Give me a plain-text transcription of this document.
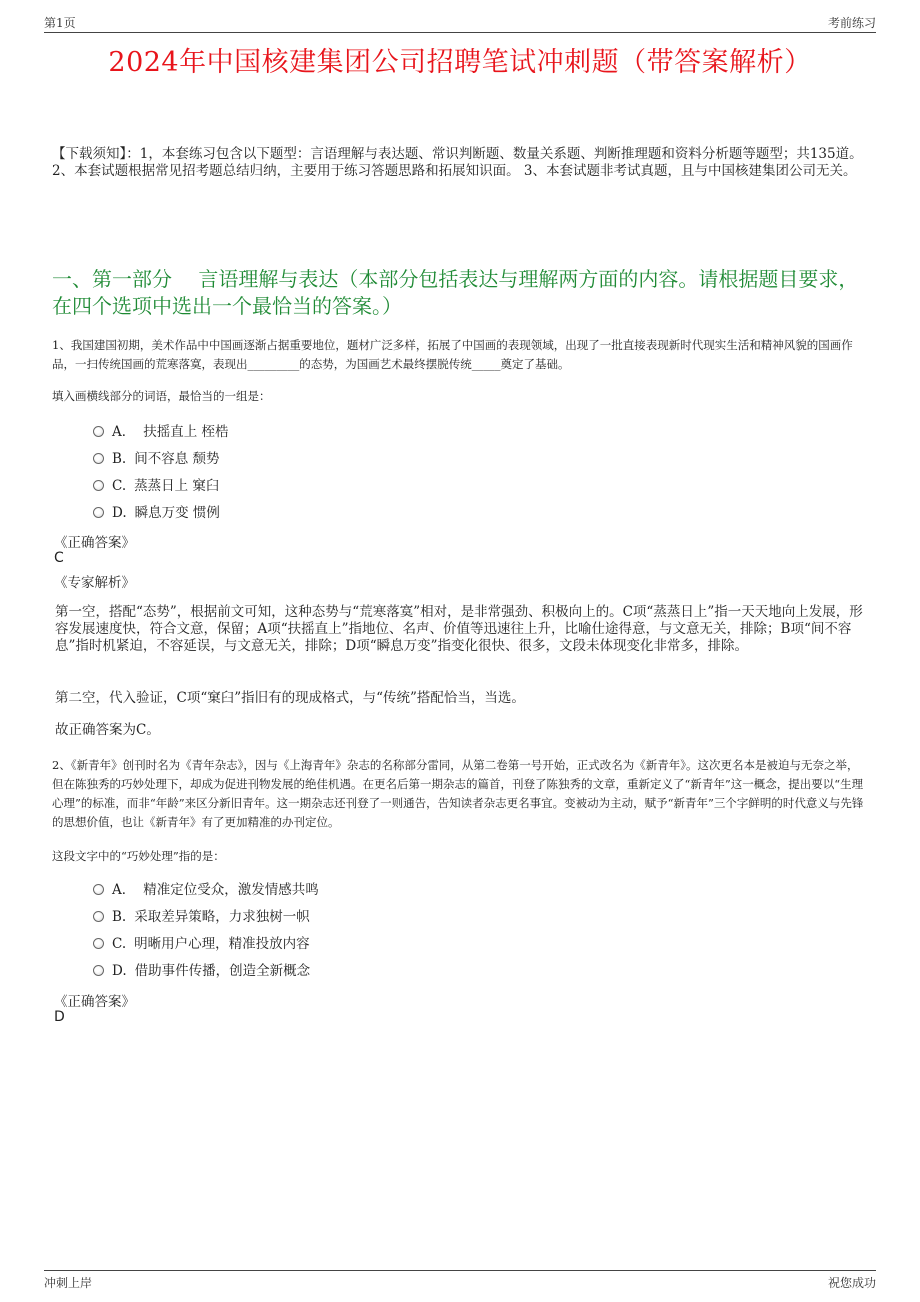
第1页	考前练习
2024年中国核建集团公司招聘笔试冲刺题（带答案解析）
【下载须知】：1，本套练习包含以下题型：言语理解与表达题、常识判断题、数量关系题、判断推理题和资料分析题等题型；共135道。 2、本套试题根据常见招考题总结归纳，主要用于练习答题思路和拓展知识面。 3、本套试题非考试真题，且与中国核建集团公司无关。
一、第一部分　 言语理解与表达（本部分包括表达与理解两方面的内容。请根据题目要求，在四个选项中选出一个最恰当的答案。）
1、我国建国初期，美术作品中中国画逐渐占据重要地位，题材广泛多样，拓展了中国画的表现领域，出现了一批直接表现新时代现实生活和精神风貌的国画作品，一扫传统国画的荒寒落寞，表现出_________的态势，为国画艺术最终摆脱传统_____奠定了基础。
填入画横线部分的词语，最恰当的一组是：
A． 扶摇直上 桎梏
B. 间不容息 颓势
C. 蒸蒸日上 窠臼
D. 瞬息万变 惯例
《正确答案》
C
《专家解析》
第一空，搭配“态势”，根据前文可知，这种态势与“荒寒落寞”相对，是非常强劲、积极向上的。C项“蒸蒸日上”指一天天地向上发展，形容发展速度快，符合文意，保留；A项“扶摇直上”指地位、名声、价值等迅速往上升，比喻仕途得意，与文意无关，排除；B项“间不容息”指时机紧迫，不容延误，与文意无关，排除；D项“瞬息万变”指变化很快、很多，文段未体现变化非常多，排除。
第二空，代入验证，C项“窠臼”指旧有的现成格式，与“传统”搭配恰当，当选。
故正确答案为C。
2、《新青年》创刊时名为《青年杂志》，因与《上海青年》杂志的名称部分雷同，从第二卷第一号开始，正式改名为《新青年》。这次更名本是被迫与无奈之举，但在陈独秀的巧妙处理下，却成为促进刊物发展的绝佳机遇。在更名后第一期杂志的篇首，刊登了陈独秀的文章，重新定义了“新青年”这一概念，提出要以“生理心理”的标准，而非“年龄”来区分新旧青年。这一期杂志还刊登了一则通告，告知读者杂志更名事宜。变被动为主动，赋予“新青年”三个字鲜明的时代意义与先锋的思想价值，也让《新青年》有了更加精准的办刊定位。
这段文字中的“巧妙处理”指的是：
A． 精准定位受众，激发情感共鸣
B. 采取差异策略，力求独树一帜
C. 明晰用户心理，精准投放内容
D. 借助事件传播，创造全新概念
《正确答案》
D
冲刺上岸	祝您成功
